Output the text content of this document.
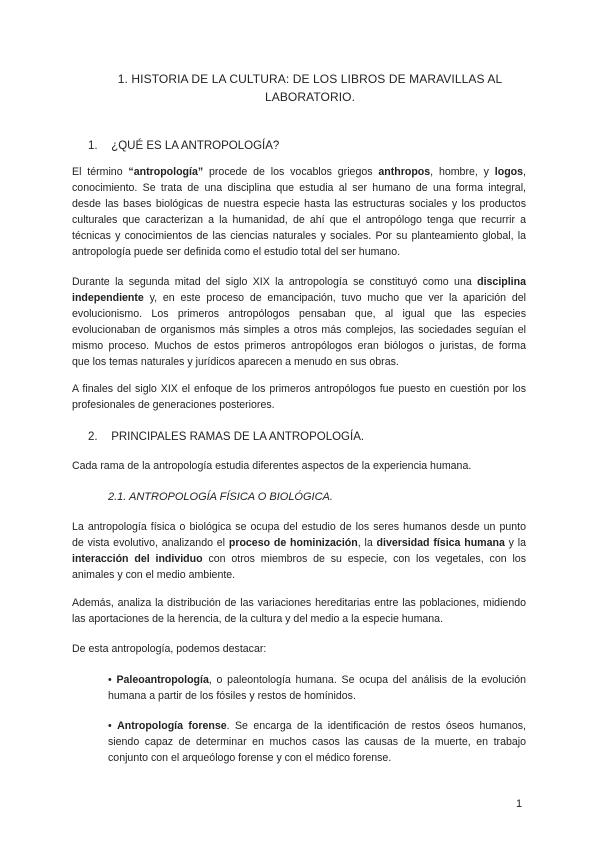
1. HISTORIA DE LA CULTURA: DE LOS LIBROS DE MARAVILLAS AL
LABORATORIO.
1. ¿QUÉ ES LA ANTROPOLOGÍA?
El término “antropología” procede de los vocablos griegos anthropos, hombre, y logos,
conocimiento. Se trata de una disciplina que estudia al ser humano de una forma integral,
desde las bases biológicas de nuestra especie hasta las estructuras sociales y los productos
culturales que caracterizan a la humanidad, de ahí que el antropólogo tenga que recurrir a
técnicas y conocimientos de las ciencias naturales y sociales. Por su planteamiento global, la
antropología puede ser definida como el estudio total del ser humano.
Durante la segunda mitad del siglo XIX la antropología se constituyó como una disciplina
independiente y, en este proceso de emancipación, tuvo mucho que ver la aparición del
evolucionismo. Los primeros antropólogos pensaban que, al igual que las especies
evolucionaban de organismos más simples a otros más complejos, las sociedades seguían el
mismo proceso. Muchos de estos primeros antropólogos eran biólogos o juristas, de forma
que los temas naturales y jurídicos aparecen a menudo en sus obras.
A finales del siglo XIX el enfoque de los primeros antropólogos fue puesto en cuestión por los
profesionales de generaciones posteriores.
2. PRINCIPALES RAMAS DE LA ANTROPOLOGÍA.
Cada rama de la antropología estudia diferentes aspectos de la experiencia humana.
2.1. ANTROPOLOGÍA FÍSICA O BIOLÓGICA.
La antropología física o biológica se ocupa del estudio de los seres humanos desde un punto
de vista evolutivo, analizando el proceso de hominización, la diversidad física humana y la
interacción del individuo con otros miembros de su especie, con los vegetales, con los
animales y con el medio ambiente.
Además, analiza la distribución de las variaciones hereditarias entre las poblaciones, midiendo
las aportaciones de la herencia, de la cultura y del medio a la especie humana.
De esta antropología, podemos destacar:
• Paleoantropología, o paleontología humana. Se ocupa del análisis de la evolución
humana a partir de los fósiles y restos de homínidos.
• Antropología forense. Se encarga de la identificación de restos óseos humanos,
siendo capaz de determinar en muchos casos las causas de la muerte, en trabajo
conjunto con el arqueólogo forense y con el médico forense.
1
